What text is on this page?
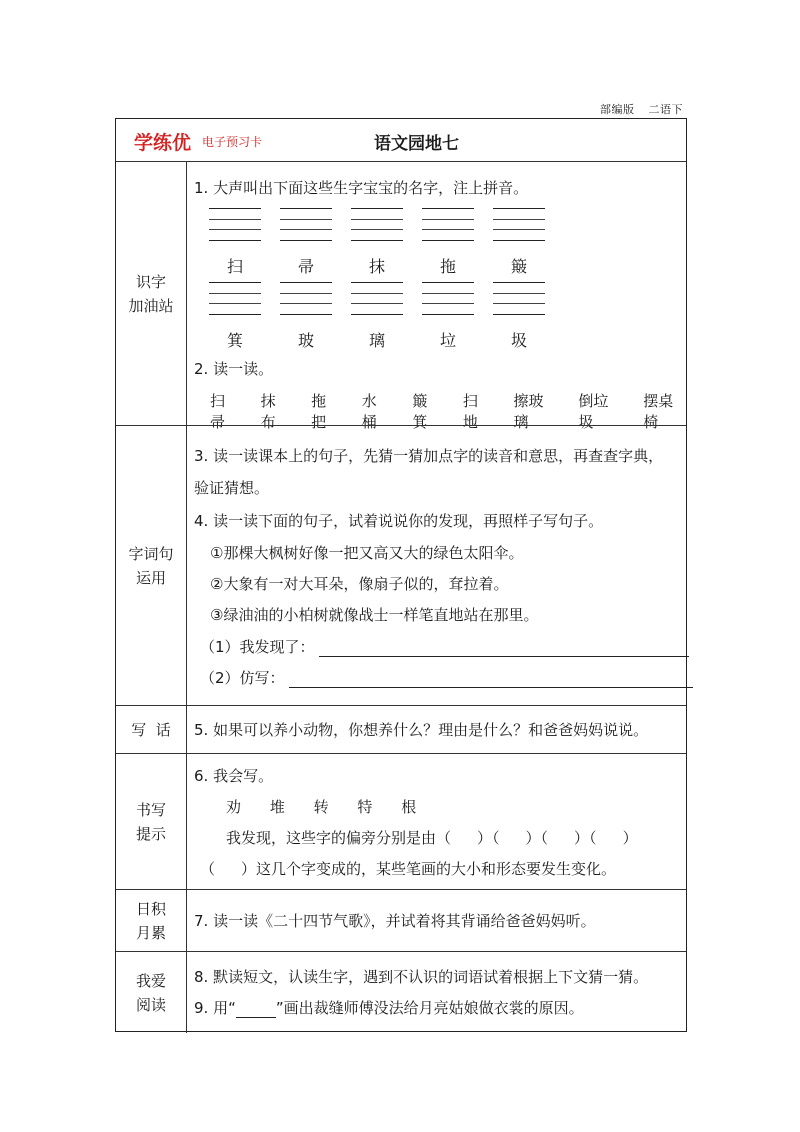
部编版 二语下
学练优 电子预习卡	语文园地七
识字
加油站
1. 大声叫出下面这些生字宝宝的名字，注上拼音。
扫	帚	抹	拖	簸
箕	玻	璃	垃	圾
2. 读一读。
扫帚
抹布
拖把
水桶
簸箕
扫地
擦玻璃
倒垃圾
摆桌椅
字词句
运用
3. 读一读课本上的句子，先猜一猜加点字的读音和意思，再查查字典，
验证猜想。
4. 读一读下面的句子，试着说说你的发现，再照样子写句子。
①那棵大枫树好像一把又高又大的绿色太阳伞。
②大象有一对大耳朵，像扇子似的，耷拉着。
③绿油油的小柏树就像战士一样笔直地站在那里。
（1）我发现了：
（2）仿写：
写  话 5. 如果可以养小动物，你想养什么？理由是什么？和爸爸妈妈说说。
书写
提示
6. 我会写。
劝 堆 转 特 根
我发现，这些字的偏旁分别是由（ ）（ ）（ ）（ ）
（ ）这几个字变成的，某些笔画的大小和形态要发生变化。
日积
月累
7. 读一读《二十四节气歌》，并试着将其背诵给爸爸妈妈听。
我爱
阅读
8. 默读短文，认读生字，遇到不认识的词语试着根据上下文猜一猜。
9. 用“	”画出裁缝师傅没法给月亮姑娘做衣裳的原因。
